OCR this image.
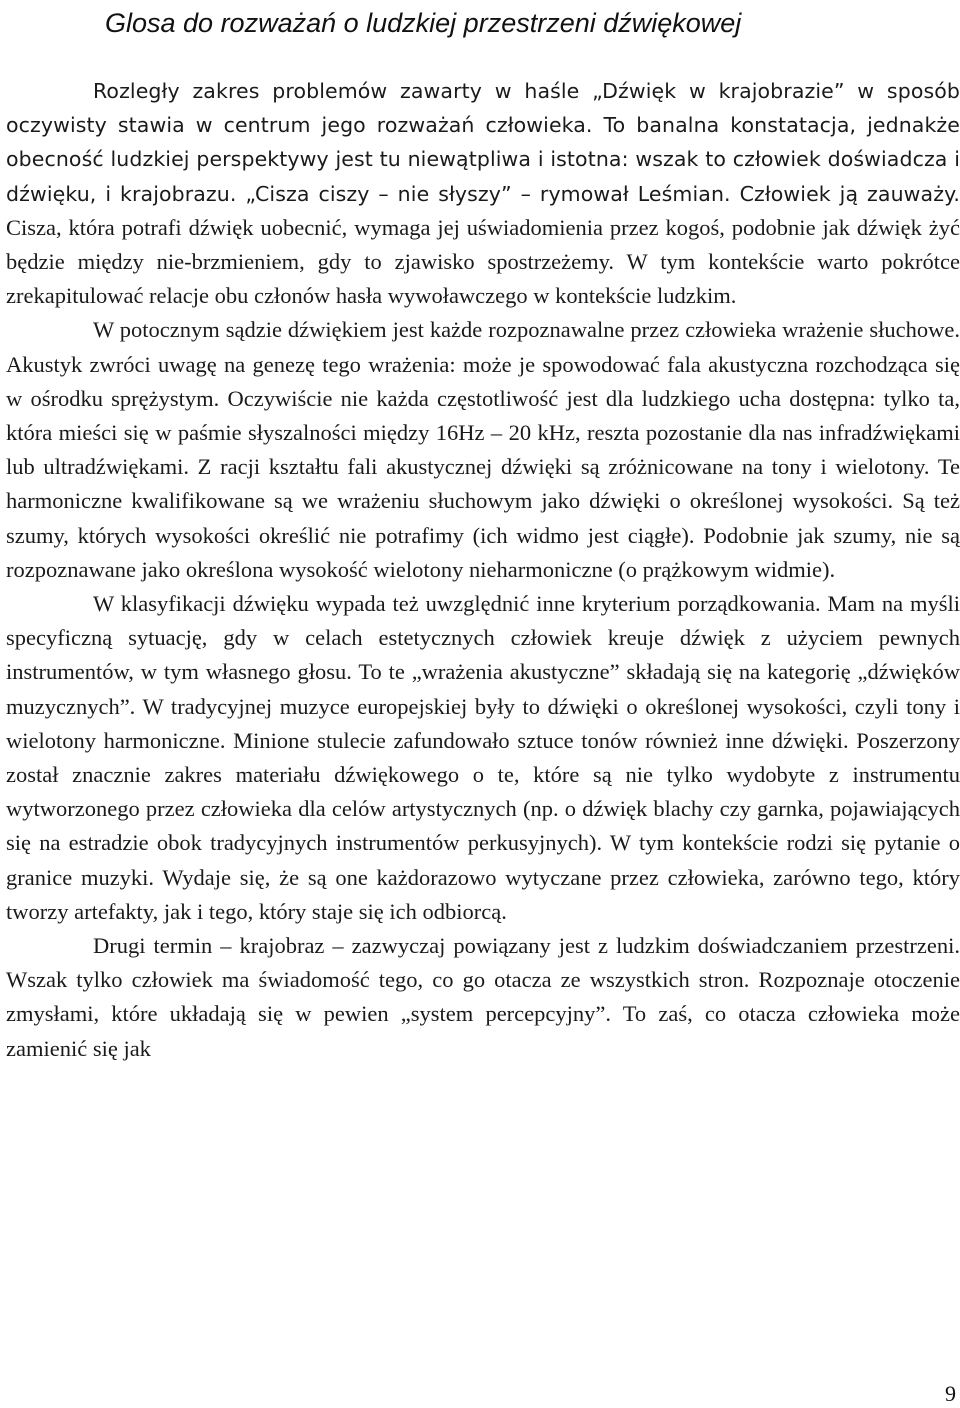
Glosa do rozważań o ludzkiej przestrzeni dźwiękowej

Rozległy zakres problemów zawarty w haśle „Dźwięk w krajobrazie” w sposób oczywisty stawia w centrum jego rozważań człowieka. To banalna konstatacja, jednakże obecność ludzkiej perspektywy jest tu niewątpliwa i istotna: wszak to człowiek doświadcza i dźwięku, i krajobrazu. „Cisza ciszy – nie słyszy” – rymował Leśmian. Człowiek ją zauważy. Cisza, która potrafi dźwięk uobecnić, wymaga jej uświadomienia przez kogoś, podobnie jak dźwięk żyć będzie między nie-brzmieniem, gdy to zjawisko spostrzeżemy. W tym kontekście warto pokrótce zrekapitulować relacje obu członów hasła wywoławczego w kontekście ludzkim.

W potocznym sądzie dźwiękiem jest każde rozpoznawalne przez człowieka wrażenie słuchowe. Akustyk zwróci uwagę na genezę tego wrażenia: może je spowodować fala akustyczna rozchodząca się w ośrodku sprężystym. Oczywiście nie każda częstotliwość jest dla ludzkiego ucha dostępna: tylko ta, która mieści się w paśmie słyszalności między 16Hz – 20 kHz, reszta pozostanie dla nas infradźwiękami lub ultradźwiękami. Z racji kształtu fali akustycznej dźwięki są zróżnicowane na tony i wielotony. Te harmoniczne kwalifikowane są we wrażeniu słuchowym jako dźwięki o określonej wysokości. Są też szumy, których wysokości określić nie potrafimy (ich widmo jest ciągłe). Podobnie jak szumy, nie są rozpoznawane jako określona wysokość wielotony nieharmoniczne (o prążkowym widmie).

W klasyfikacji dźwięku wypada też uwzględnić inne kryterium porządkowania. Mam na myśli specyficzną sytuację, gdy w celach estetycznych człowiek kreuje dźwięk z użyciem pewnych instrumentów, w tym własnego głosu. To te „wrażenia akustyczne” składają się na kategorię „dźwięków muzycznych”. W tradycyjnej muzyce europejskiej były to dźwięki o określonej wysokości, czyli tony i wielotony harmoniczne. Minione stulecie zafundowało sztuce tonów również inne dźwięki. Poszerzony został znacznie zakres materiału dźwiękowego o te, które są nie tylko wydobyte z instrumentu wytworzonego przez człowieka dla celów artystycznych (np. o dźwięk blachy czy garnka, pojawiających się na estradzie obok tradycyjnych instrumentów perkusyjnych). W tym kontekście rodzi się pytanie o granice muzyki. Wydaje się, że są one każdorazowo wytyczane przez człowieka, zarówno tego, który tworzy artefakty, jak i tego, który staje się ich odbiorcą.

Drugi termin – krajobraz – zazwyczaj powiązany jest z ludzkim doświadczaniem przestrzeni. Wszak tylko człowiek ma świadomość tego, co go otacza ze wszystkich stron. Rozpoznaje otoczenie zmysłami, które układają się w pewien „system percepcyjny”. To zaś, co otacza człowieka może zamienić się jak

9
